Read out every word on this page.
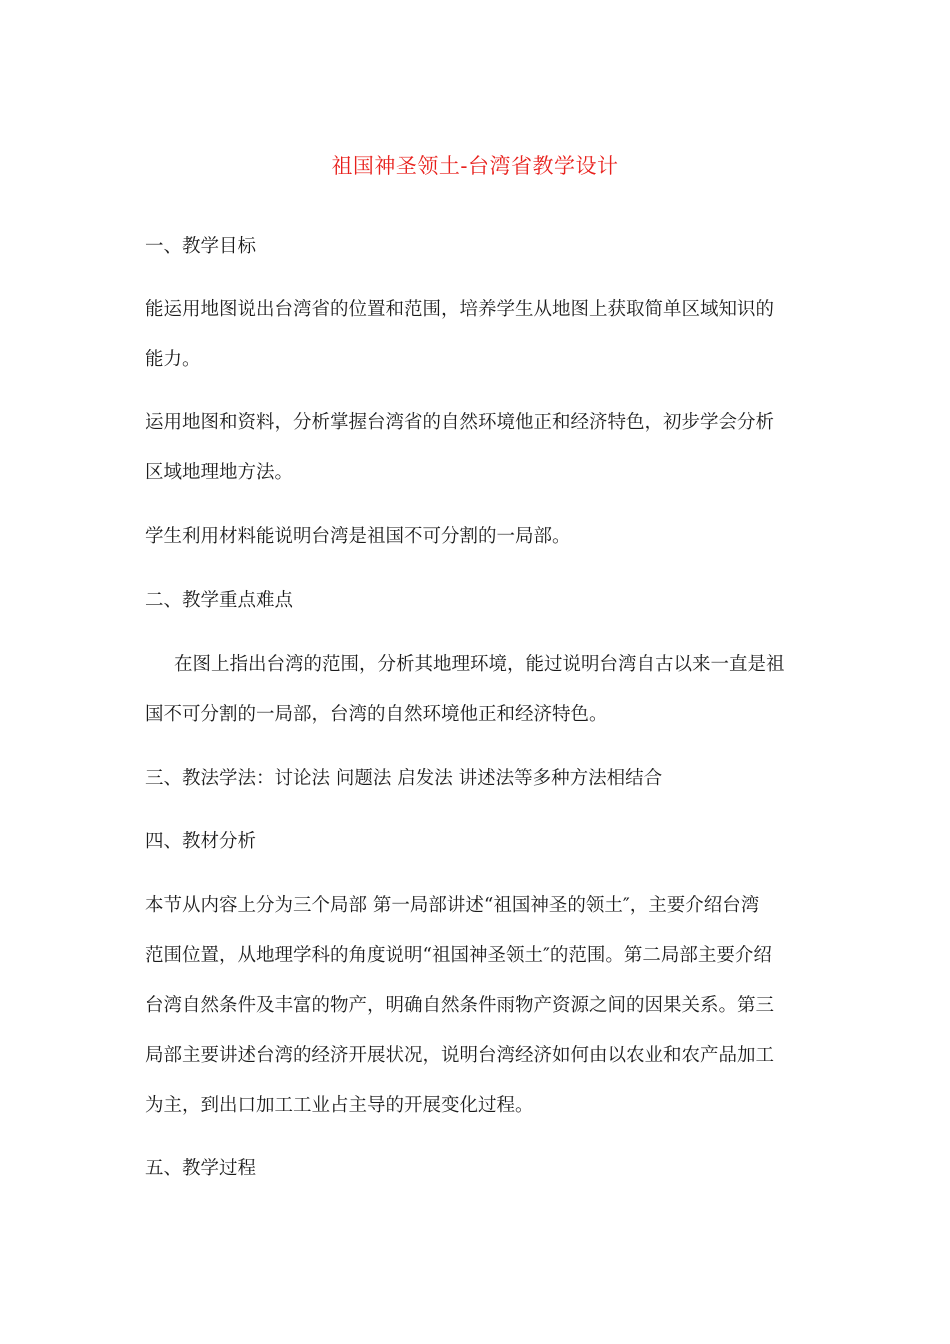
祖国神圣领土-台湾省教学设计
一、教学目标
能运用地图说出台湾省的位置和范围，培养学生从地图上获取简单区域知识的
能力。
运用地图和资料，分析掌握台湾省的自然环境他正和经济特色，初步学会分析
区域地理地方法。
学生利用材料能说明台湾是祖国不可分割的一局部。
二、教学重点难点
在图上指出台湾的范围，分析其地理环境，能过说明台湾自古以来一直是祖
国不可分割的一局部，台湾的自然环境他正和经济特色。
三、教法学法：讨论法 问题法 启发法 讲述法等多种方法相结合
四、教材分析
本节从内容上分为三个局部 第一局部讲述“祖国神圣的领土″，主要介绍台湾
范围位置，从地理学科的角度说明“祖国神圣领土″的范围。第二局部主要介绍
台湾自然条件及丰富的物产，明确自然条件雨物产资源之间的因果关系。第三
局部主要讲述台湾的经济开展状况，说明台湾经济如何由以农业和农产品加工
为主，到出口加工工业占主导的开展变化过程。
五、教学过程
